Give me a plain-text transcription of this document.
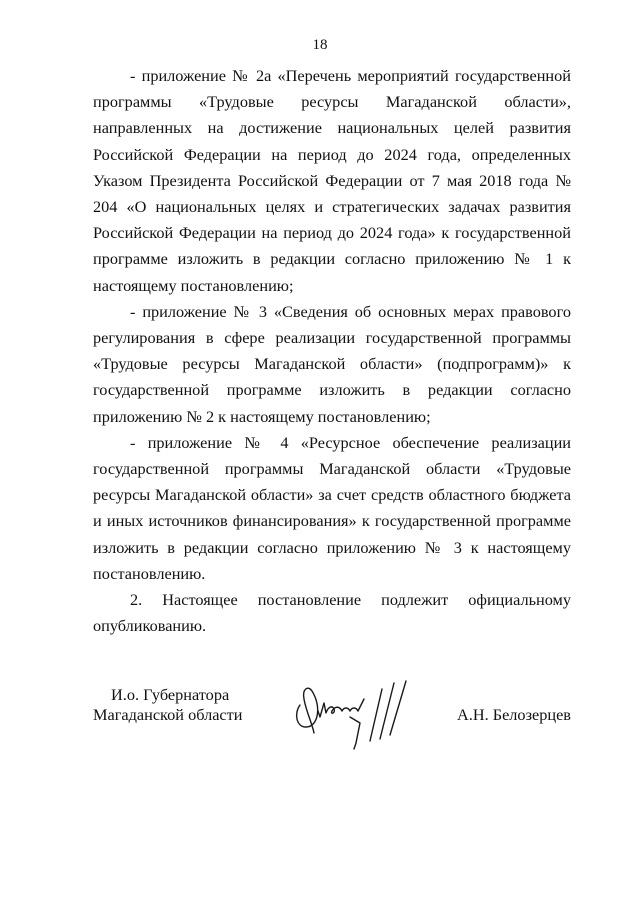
18

- приложение № 2а «Перечень мероприятий государственной программы «Трудовые ресурсы Магаданской области», направленных на достижение национальных целей развития Российской Федерации на период до 2024 года, определенных Указом Президента Российской Федерации от 7 мая 2018 года № 204 «О национальных целях и стратегических задачах развития Российской Федерации на период до 2024 года» к государственной программе изложить в редакции согласно приложению № 1 к настоящему постановлению;

- приложение № 3 «Сведения об основных мерах правового регулирования в сфере реализации государственной программы «Трудовые ресурсы Магаданской области» (подпрограмм)» к государственной программе изложить в редакции согласно приложению № 2 к настоящему постановлению;

- приложение № 4 «Ресурсное обеспечение реализации государственной программы Магаданской области «Трудовые ресурсы Магаданской области» за счет средств областного бюджета и иных источников финансирования» к государственной программе изложить в редакции согласно приложению № 3 к настоящему постановлению.

2. Настоящее постановление подлежит официальному опубликованию.

И.о. Губернатора
Магаданской области	А.Н. Белозерцев
